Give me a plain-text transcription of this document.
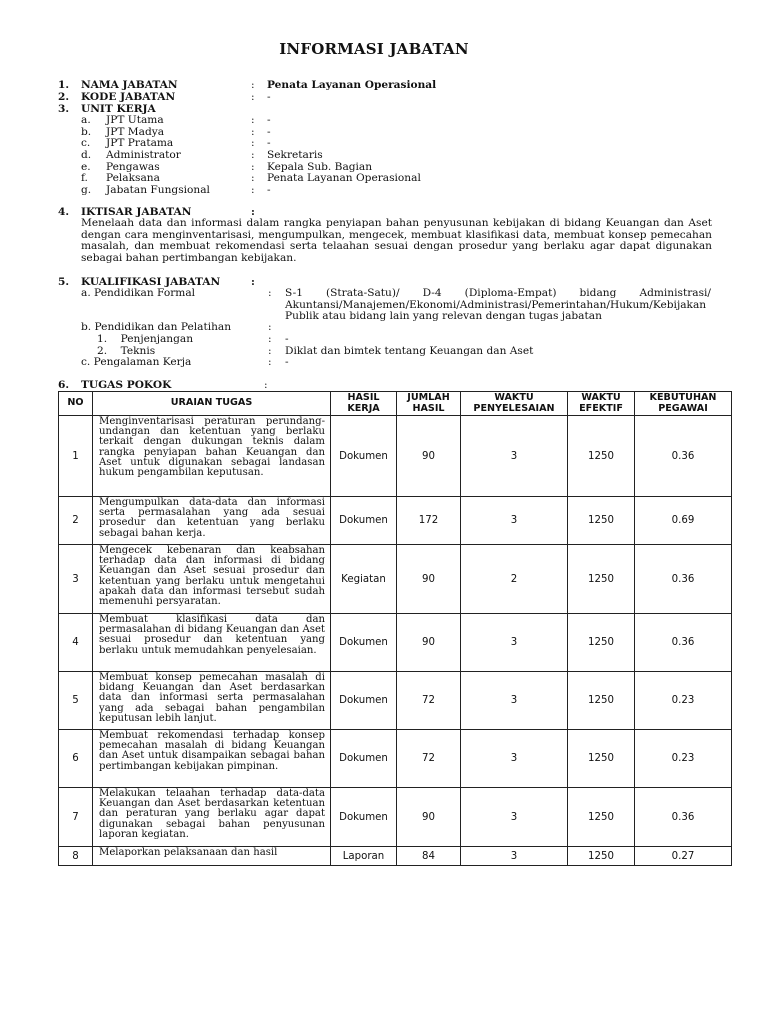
INFORMASI JABATAN
1. NAMA JABATAN	: Penata Layanan Operasional
2. KODE JABATAN	: -
3. UNIT KERJA
a. JPT Utama	: -
b. JPT Madya	: -
c. JPT Pratama	: -
d. Administrator	: Sekretaris
e. Pengawas	: Kepala Sub. Bagian
f. Pelaksana	: Penata Layanan Operasional
g. Jabatan Fungsional	: -
4. IKTISAR JABATAN	:
Menelaah data dan informasi dalam rangka penyiapan bahan penyusunan kebijakan di bidang Keuangan dan Aset dengan cara menginventarisasi, mengumpulkan, mengecek, membuat klasifikasi data, membuat konsep pemecahan masalah, dan membuat rekomendasi serta telaahan sesuai dengan prosedur yang berlaku agar dapat digunakan sebagai bahan pertimbangan kebijakan.
5. KUALIFIKASI JABATAN	:
a. Pendidikan Formal	: S-1 (Strata-Satu)/ D-4 (Diploma-Empat) bidang Administrasi/ Akuntansi/Manajemen/Ekonomi/Administrasi/Pemerintahan/Hukum/Kebijakan Publik atau bidang lain yang relevan dengan tugas jabatan
b. Pendidikan dan Pelatihan	:
1.    Penjenjangan	: -
2.    Teknis	: Diklat dan bimtek tentang Keuangan dan Aset
c. Pengalaman Kerja	: -
6. TUGAS POKOK	:
NO	URAIAN TUGAS	HASIL KERJA	JUMLAH HASIL	WAKTU PENYELESAIAN	WAKTU EFEKTIF	KEBUTUHAN PEGAWAI
1	Menginventarisasi peraturan perundang-undangan dan ketentuan yang berlaku terkait dengan dukungan teknis dalam rangka penyiapan bahan Keuangan dan Aset untuk digunakan sebagai landasan hukum pengambilan keputusan.	Dokumen	90	3	1250	0.36
2	Mengumpulkan data-data dan informasi serta permasalahan yang ada sesuai prosedur dan ketentuan yang berlaku sebagai bahan kerja.	Dokumen	172	3	1250	0.69
3	Mengecek kebenaran dan keabsahan terhadap data dan informasi di bidang Keuangan dan Aset sesuai prosedur dan ketentuan yang berlaku untuk mengetahui apakah data dan informasi tersebut sudah memenuhi persyaratan.	Kegiatan	90	2	1250	0.36
4	Membuat klasifikasi data dan permasalahan di bidang Keuangan dan Aset sesuai prosedur dan ketentuan yang berlaku untuk memudahkan penyelesaian.	Dokumen	90	3	1250	0.36
5	Membuat konsep pemecahan masalah di bidang Keuangan dan Aset berdasarkan data dan informasi serta permasalahan yang ada sebagai bahan pengambilan keputusan lebih lanjut.	Dokumen	72	3	1250	0.23
6	Membuat rekomendasi terhadap konsep pemecahan masalah di bidang Keuangan dan Aset untuk disampaikan sebagai bahan pertimbangan kebijakan pimpinan.	Dokumen	72	3	1250	0.23
7	Melakukan telaahan terhadap data-data Keuangan dan Aset berdasarkan ketentuan dan peraturan yang berlaku agar dapat digunakan sebagai bahan penyusunan laporan kegiatan.	Dokumen	90	3	1250	0.36
8	Melaporkan pelaksanaan dan hasil	Laporan	84	3	1250	0.27
